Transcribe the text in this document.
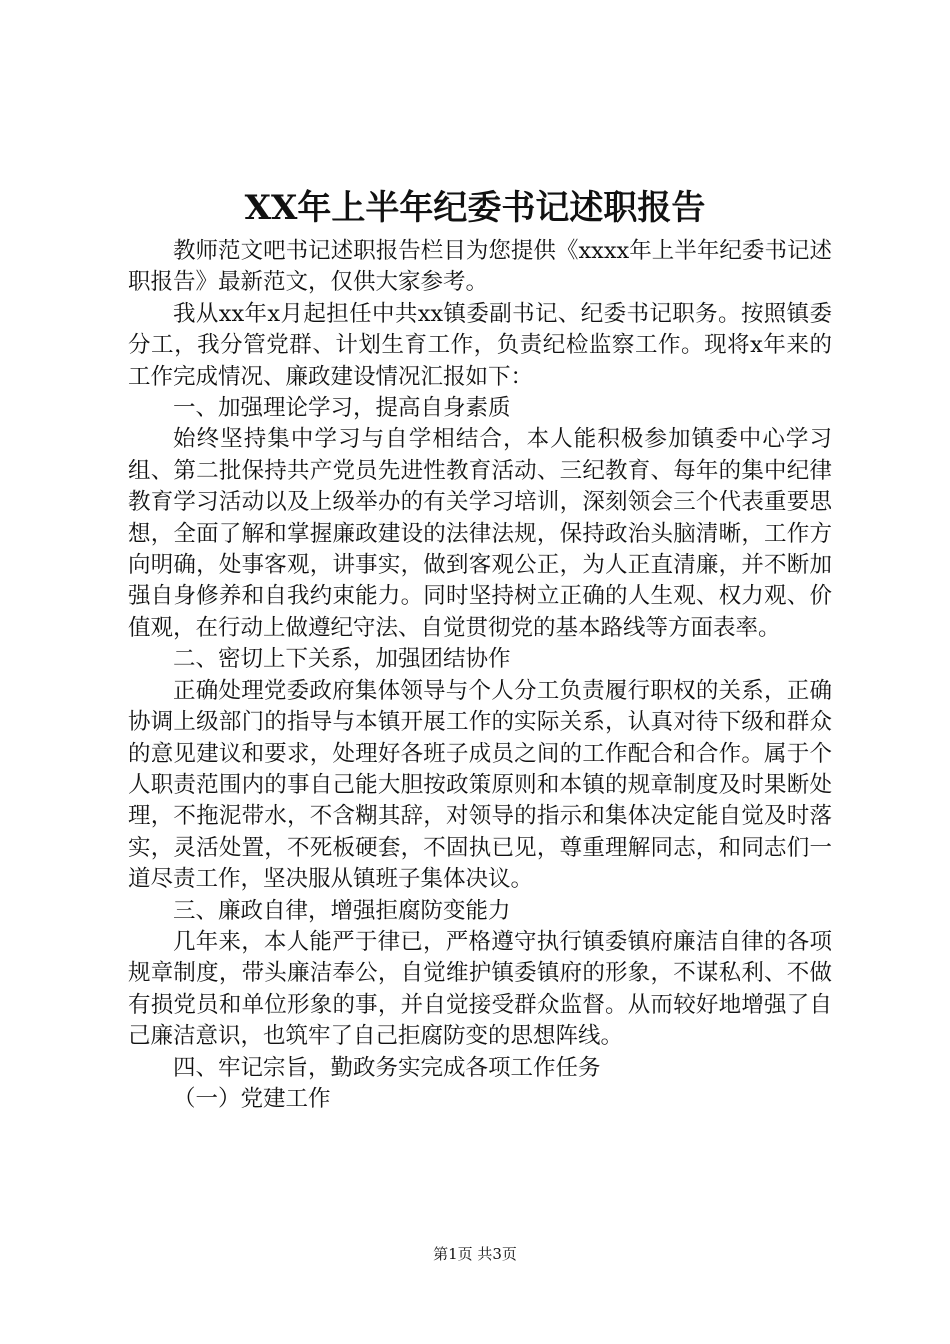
XX年上半年纪委书记述职报告

教师范文吧书记述职报告栏目为您提供《xxxx年上半年纪委书记述职报告》最新范文，仅供大家参考。

我从xx年x月起担任中共xx镇委副书记、纪委书记职务。按照镇委分工，我分管党群、计划生育工作，负责纪检监察工作。现将x年来的工作完成情况、廉政建设情况汇报如下：

一、加强理论学习，提高自身素质

始终坚持集中学习与自学相结合，本人能积极参加镇委中心学习组、第二批保持共产党员先进性教育活动、三纪教育、每年的集中纪律教育学习活动以及上级举办的有关学习培训，深刻领会三个代表重要思想，全面了解和掌握廉政建设的法律法规，保持政治头脑清晰，工作方向明确，处事客观，讲事实，做到客观公正，为人正直清廉，并不断加强自身修养和自我约束能力。同时坚持树立正确的人生观、权力观、价值观，在行动上做遵纪守法、自觉贯彻党的基本路线等方面表率。

二、密切上下关系，加强团结协作

正确处理党委政府集体领导与个人分工负责履行职权的关系，正确协调上级部门的指导与本镇开展工作的实际关系，认真对待下级和群众的意见建议和要求，处理好各班子成员之间的工作配合和合作。属于个人职责范围内的事自己能大胆按政策原则和本镇的规章制度及时果断处理，不拖泥带水，不含糊其辞，对领导的指示和集体决定能自觉及时落实，灵活处置，不死板硬套，不固执已见，尊重理解同志，和同志们一道尽责工作，坚决服从镇班子集体决议。

三、廉政自律，增强拒腐防变能力

几年来，本人能严于律已，严格遵守执行镇委镇府廉洁自律的各项规章制度，带头廉洁奉公，自觉维护镇委镇府的形象，不谋私利、不做有损党员和单位形象的事，并自觉接受群众监督。从而较好地增强了自己廉洁意识，也筑牢了自己拒腐防变的思想阵线。

四、牢记宗旨，勤政务实完成各项工作任务

（一）党建工作

第1页 共3页
